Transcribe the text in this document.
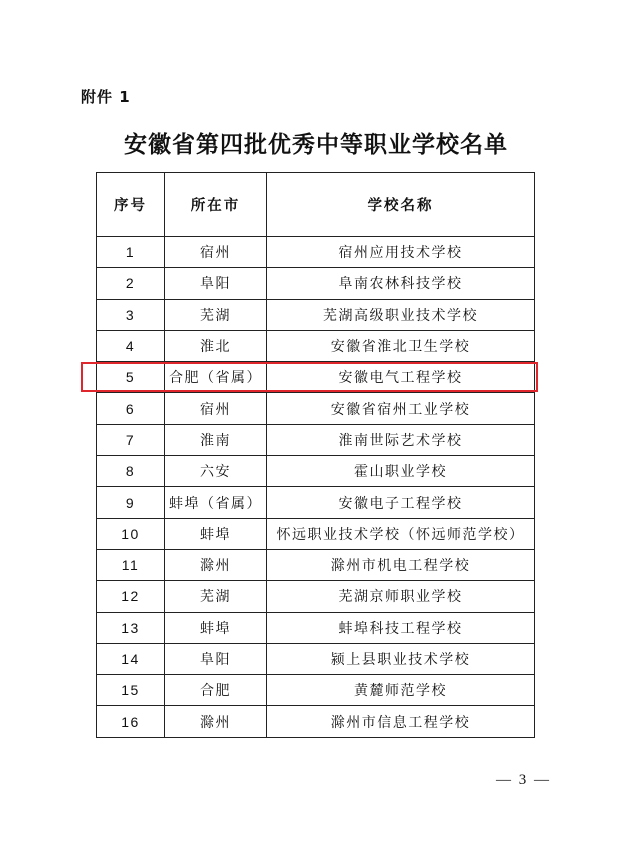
附件 1
安徽省第四批优秀中等职业学校名单
序号	所在市	学校名称
1	宿州	宿州应用技术学校
2	阜阳	阜南农林科技学校
3	芜湖	芜湖高级职业技术学校
4	淮北	安徽省淮北卫生学校
5	合肥（省属）	安徽电气工程学校
6	宿州	安徽省宿州工业学校
7	淮南	淮南世际艺术学校
8	六安	霍山职业学校
9	蚌埠（省属）	安徽电子工程学校
10	蚌埠	怀远职业技术学校（怀远师范学校）
11	滁州	滁州市机电工程学校
12	芜湖	芜湖京师职业学校
13	蚌埠	蚌埠科技工程学校
14	阜阳	颍上县职业技术学校
15	合肥	黄麓师范学校
16	滁州	滁州市信息工程学校
— 3 —
